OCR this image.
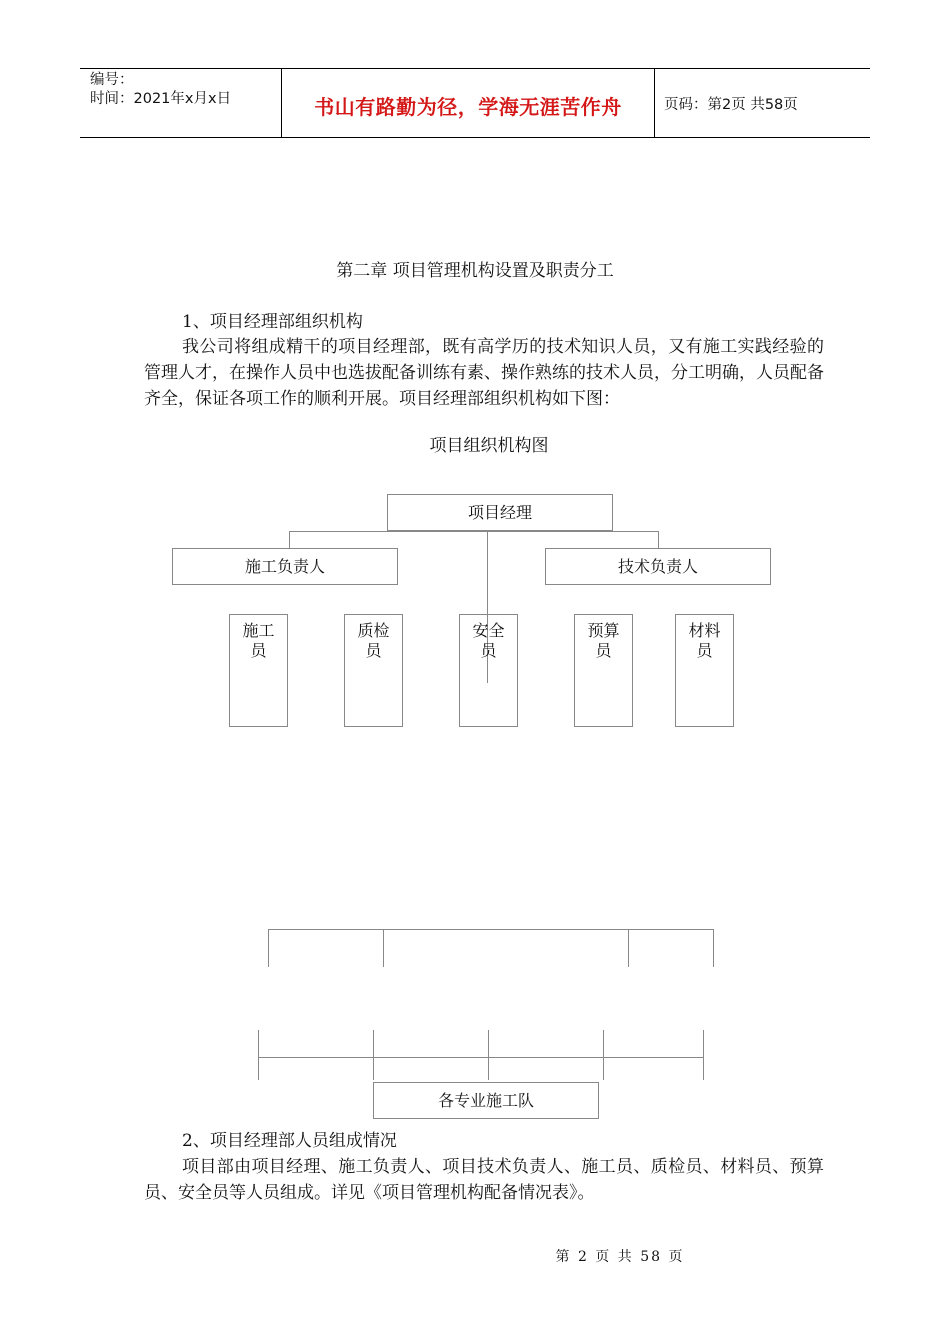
编号：
时间：2021年x月x日	书山有路勤为径，学海无涯苦作舟	页码：第2页 共58页
第二章 项目管理机构设置及职责分工
1、项目经理部组织机构
我公司将组成精干的项目经理部，既有高学历的技术知识人员，又有施工实践经验的管理人才，在操作人员中也选拔配备训练有素、操作熟练的技术人员，分工明确，人员配备齐全，保证各项工作的顺利开展。项目经理部组织机构如下图：
项目组织机构图
项目经理
施工负责人	技术负责人
施工
员
质检
员
安全
员
预算
员
材料
员
各专业施工队
2、项目经理部人员组成情况
项目部由项目经理、施工负责人、项目技术负责人、施工员、质检员、材料员、预算员、安全员等人员组成。详见《项目管理机构配备情况表》。
第 2 页 共 58 页
